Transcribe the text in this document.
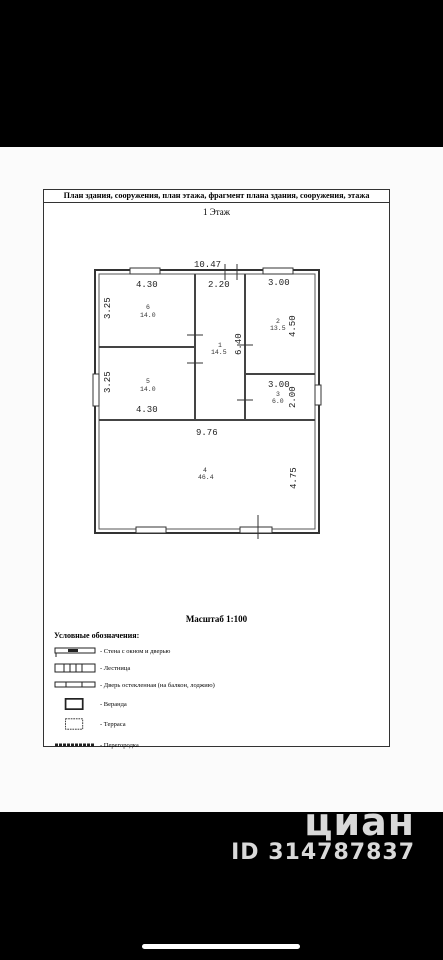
План здания, сооружения, план этажа, фрагмент плана здания, сооружения, этажа
1 Этаж
Масштаб 1:100
Условные обозначения:
- Стена с окном и дверью
- Лестница
- Дверь остекленная (на балкон, лоджию)
- Веранда
- Терраса
- Перегородка
10.47
4.30
3.25
2.20	3.00
4.50
6.40
3.25
4.30
3.00
2.00
9.76
4.75
6
14.0
1
14.5
2
13.5
5
14.0
3
6.0
4
46.4
циан
ID 314787837
